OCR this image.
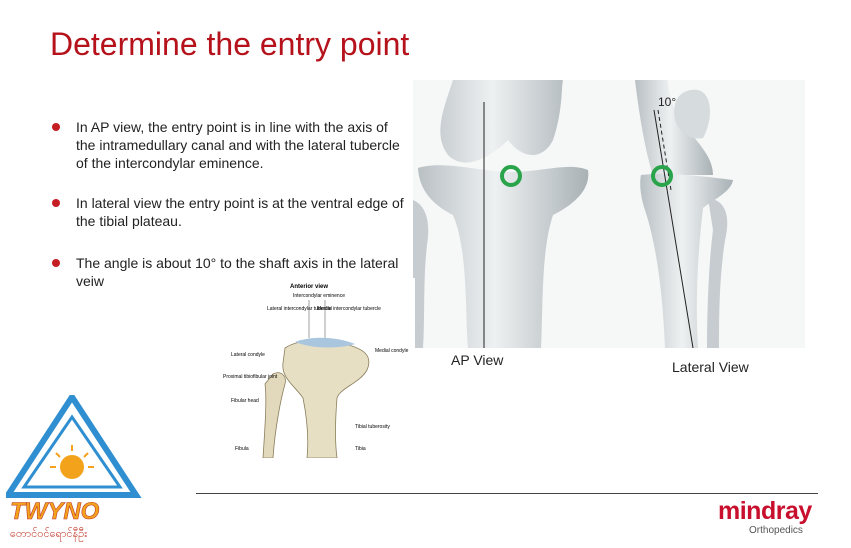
Determine the entry point
In AP view, the entry point is in line with the axis of the intramedullary canal and with the lateral tubercle of the intercondylar eminence.
In lateral view the entry point is at the ventral edge of the tibial plateau.
The angle is about 10° to the shaft axis in the lateral veiw
10°
AP View	Lateral View
Anterior view
Intercondylar eminence
Lateral intercondylar tubercle
Medial intercondylar tubercle
Lateral condyle
Medial condyle
Proximal tibiofibular joint
Fibular head
Tibial tuberosity
Fibula	Tibia
TWYNO
တောင်ဝင်ရောင်နီဦး
mindray
Orthopedics
